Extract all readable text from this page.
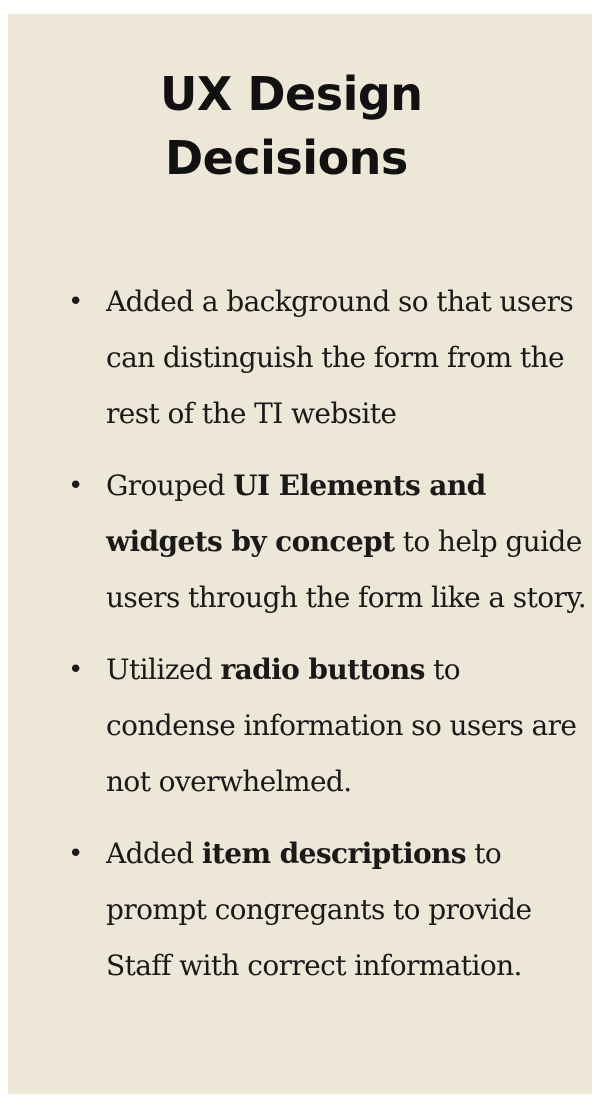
UX Design
Decisions
• Added a background so that users can distinguish the form from the rest of the TI website
• Grouped UI Elements and widgets by concept to help guide users through the form like a story.
• Utilized radio buttons to condense information so users are not overwhelmed.
• Added item descriptions to prompt congregants to provide Staff with correct information.
